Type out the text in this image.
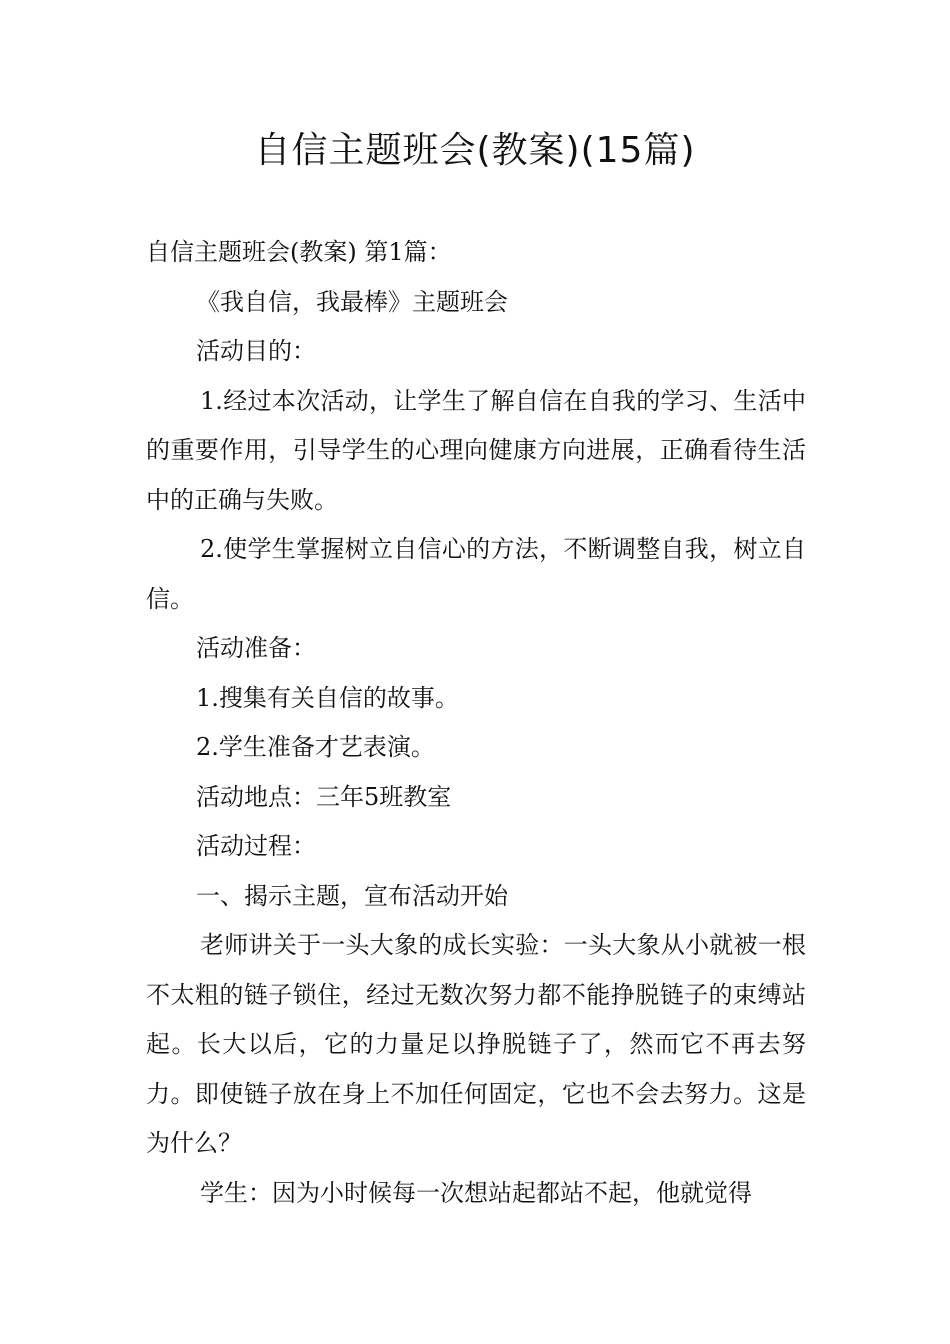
自信主题班会(教案)(15篇)

自信主题班会(教案) 第1篇：

《我自信，我最棒》主题班会

活动目的：

1.经过本次活动，让学生了解自信在自我的学习、生活中的重要作用，引导学生的心理向健康方向进展，正确看待生活中的正确与失败。

2.使学生掌握树立自信心的方法，不断调整自我，树立自信。

活动准备：

1.搜集有关自信的故事。

2.学生准备才艺表演。

活动地点：三年5班教室

活动过程：

一、揭示主题，宣布活动开始

老师讲关于一头大象的成长实验：一头大象从小就被一根不太粗的链子锁住，经过无数次努力都不能挣脱链子的束缚站起。长大以后，它的力量足以挣脱链子了，然而它不再去努力。即使链子放在身上不加任何固定，它也不会去努力。这是为什么？

学生：因为小时候每一次想站起都站不起，他就觉得
